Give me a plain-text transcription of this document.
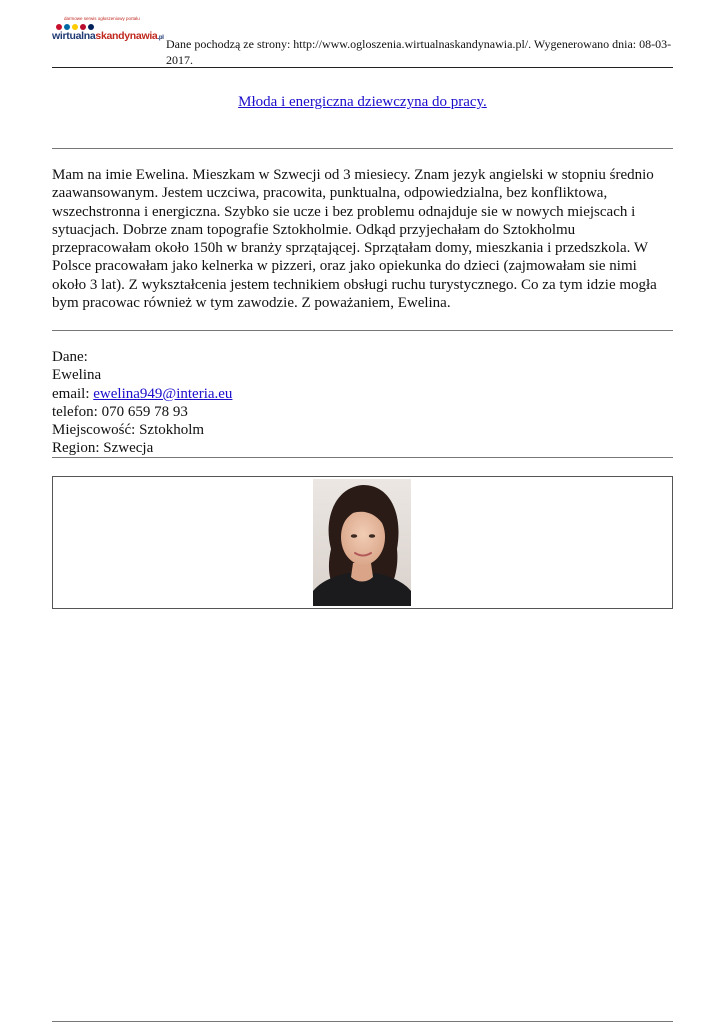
darmowe serwis ogłoszeniowy portalu
wirtualnaskandynawia.pl Dane pochodzą ze strony: http://www.ogloszenia.wirtualnaskandynawia.pl/. Wygenerowano dnia: 08-03-2017.
Młoda i energiczna dziewczyna do pracy.
Mam na imie Ewelina. Mieszkam w Szwecji od 3 miesiecy. Znam jezyk angielski w stopniu średnio zaawansowanym. Jestem uczciwa, pracowita, punktualna, odpowiedzialna, bez konfliktowa, wszechstronna i energiczna. Szybko sie ucze i bez problemu odnajduje sie w nowych miejscach i sytuacjach. Dobrze znam topografie Sztokholmie. Odkąd przyjechałam do Sztokholmu przepracowałam około 150h w branży sprzątającej. Sprzątałam domy, mieszkania i przedszkola. W Polsce pracowałam jako kelnerka w pizzeri, oraz jako opiekunka do dzieci (zajmowałam sie nimi około 3 lat). Z wykształcenia jestem technikiem obsługi ruchu turystycznego. Co za tym idzie mogła bym pracowac również w tym zawodzie. Z poważaniem, Ewelina.
Dane:
Ewelina
email: ewelina949@interia.eu
telefon: 070 659 78 93
Miejscowość: Sztokholm
Region: Szwecja
